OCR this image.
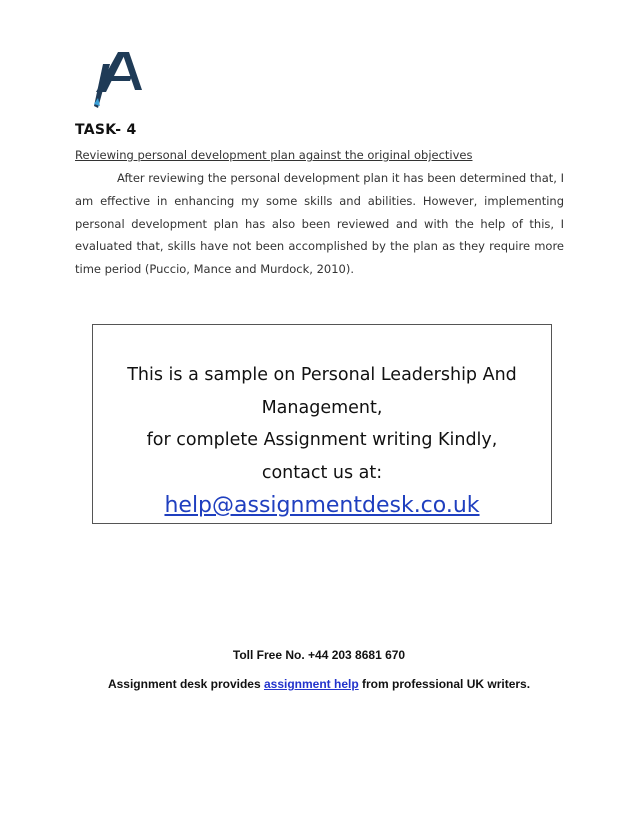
TASK- 4
Reviewing personal development plan against the original objectives
After reviewing the personal development plan it has been determined that, I am effective in enhancing my some skills and abilities. However, implementing personal development plan has also been reviewed and with the help of this, I evaluated that, skills have not been accomplished by the plan as they require more time period (Puccio, Mance and Murdock, 2010).
This is a sample on Personal Leadership And
Management,
for complete Assignment writing Kindly,
contact us at:
help@assignmentdesk.co.uk
Toll Free No. +44 203 8681 670
Assignment desk provides assignment help from professional UK writers.
